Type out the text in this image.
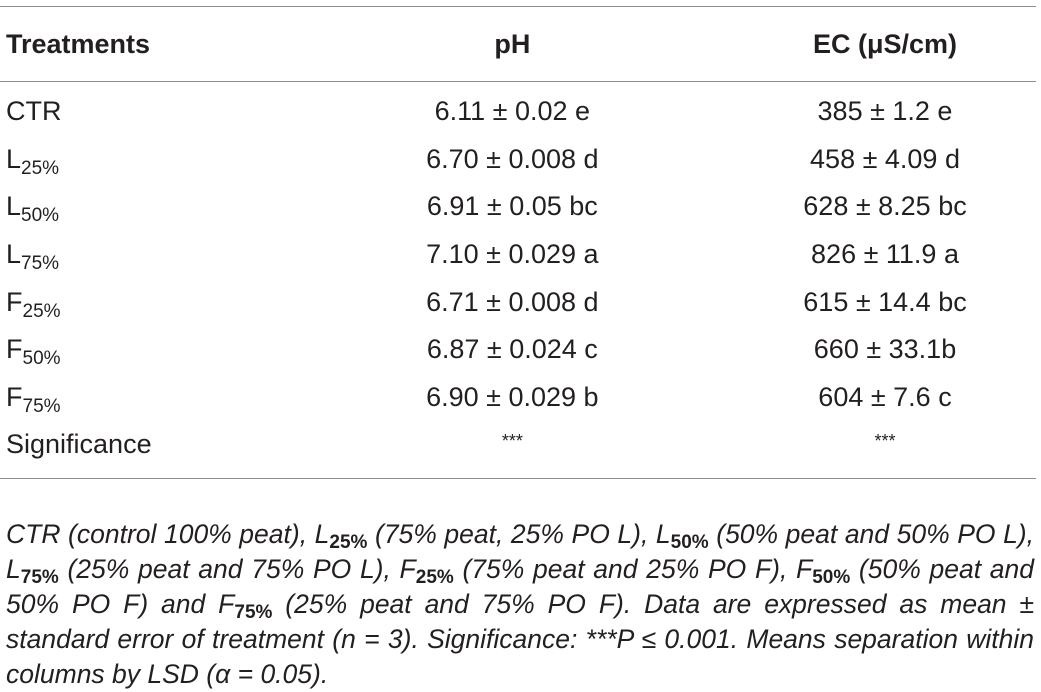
Treatments	pH	EC (μS/cm)
CTR	6.11 ± 0.02 e	385 ± 1.2 e
$L_{25\%}$	6.70 ± 0.008 d	458 ± 4.09 d
$L_{50\%}$	6.91 ± 0.05 bc	628 ± 8.25 bc
$L_{75\%}$	7.10 ± 0.029 a	826 ± 11.9 a
$F_{25\%}$	6.71 ± 0.008 d	615 ± 14.4 bc
$F_{50\%}$	6.87 ± 0.024 c	660 ± 33.1b
$F_{75\%}$	6.90 ± 0.029 b	604 ± 7.6 c
Significance	***	***

CTR (control 100% peat), $L_{25\%}$ (75% peat, 25% PO L), $L_{50\%}$ (50% peat and 50% PO L), $L_{75\%}$ (25% peat and 75% PO L), $F_{25\%}$ (75% peat and 25% PO F), $F_{50\%}$ (50% peat and 50% PO F) and $F_{75\%}$ (25% peat and 75% PO F). Data are expressed as mean ± standard error of treatment (n = 3). Significance: ***P ≤ 0.001. Means separation within columns by LSD (α = 0.05).
